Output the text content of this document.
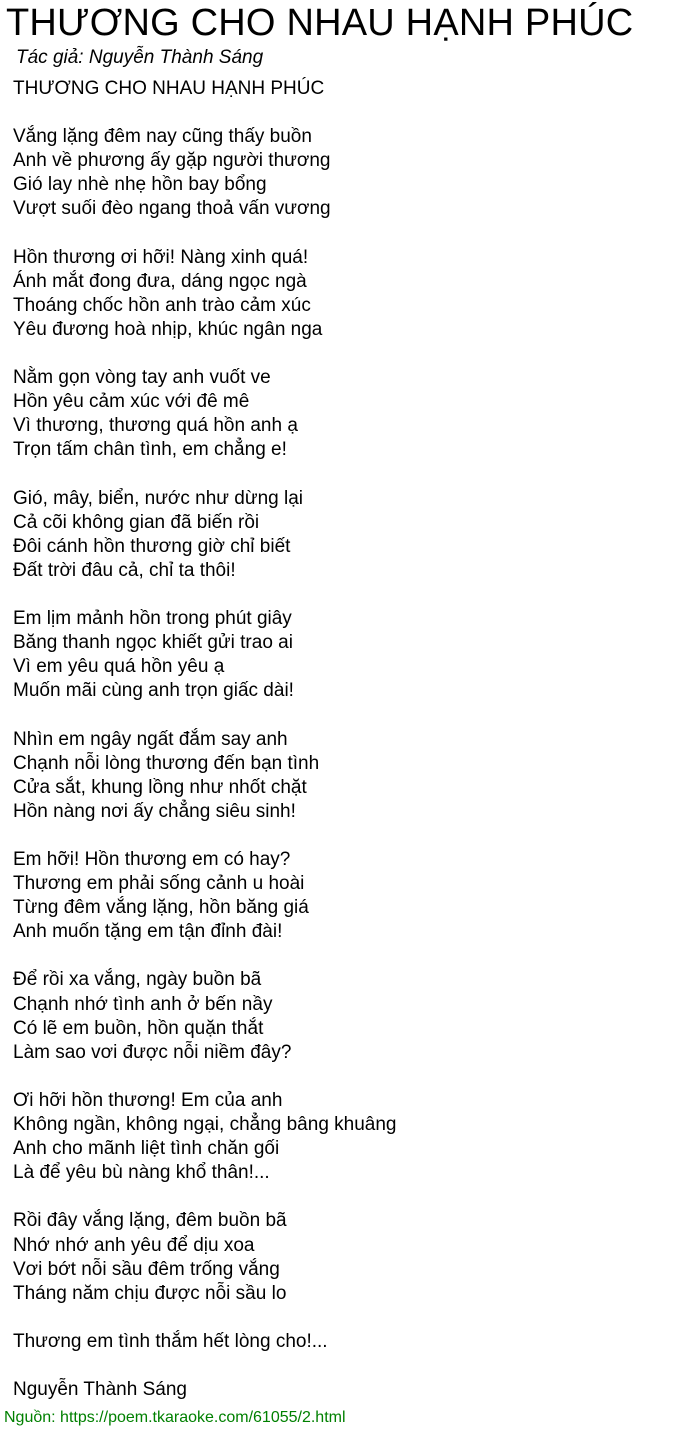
THƯƠNG CHO NHAU HẠNH PHÚC
Tác giả: Nguyễn Thành Sáng
THƯƠNG CHO NHAU HẠNH PHÚC
Vắng lặng đêm nay cũng thấy buồn
Anh về phương ấy gặp người thương
Gió lay nhè nhẹ hồn bay bổng
Vượt suối đèo ngang thoả vấn vương
Hồn thương ơi hỡi! Nàng xinh quá!
Ánh mắt đong đưa, dáng ngọc ngà
Thoáng chốc hồn anh trào cảm xúc
Yêu đương hoà nhịp, khúc ngân nga
Nằm gọn vòng tay anh vuốt ve
Hồn yêu cảm xúc với đê mê
Vì thương, thương quá hồn anh ạ
Trọn tấm chân tình, em chẳng e!
Gió, mây, biển, nước như dừng lại
Cả cõi không gian đã biến rồi
Đôi cánh hồn thương giờ chỉ biết
Đất trời đâu cả, chỉ ta thôi!
Em lịm mảnh hồn trong phút giây
Băng thanh ngọc khiết gửi trao ai
Vì em yêu quá hồn yêu ạ
Muốn mãi cùng anh trọn giấc dài!
Nhìn em ngây ngất đắm say anh
Chạnh nỗi lòng thương đến bạn tình
Cửa sắt, khung lồng như nhốt chặt
Hồn nàng nơi ấy chẳng siêu sinh!
Em hỡi! Hồn thương em có hay?
Thương em phải sống cảnh u hoài
Từng đêm vắng lặng, hồn băng giá
Anh muốn tặng em tận đỉnh đài!
Để rồi xa vắng, ngày buồn bã
Chạnh nhớ tình anh ở bến nầy
Có lẽ em buồn, hồn quặn thắt
Làm sao vơi được nỗi niềm đây?
Ơi hỡi hồn thương! Em của anh
Không ngần, không ngại, chẳng bâng khuâng
Anh cho mãnh liệt tình chăn gối
Là để yêu bù nàng khổ thân!...
Rồi đây vắng lặng, đêm buồn bã
Nhớ nhớ anh yêu để dịu xoa
Vơi bớt nỗi sầu đêm trống vắng
Tháng năm chịu được nỗi sầu lo
Thương em tình thắm hết lòng cho!...
Nguyễn Thành Sáng
Nguồn: https://poem.tkaraoke.com/61055/2.html
